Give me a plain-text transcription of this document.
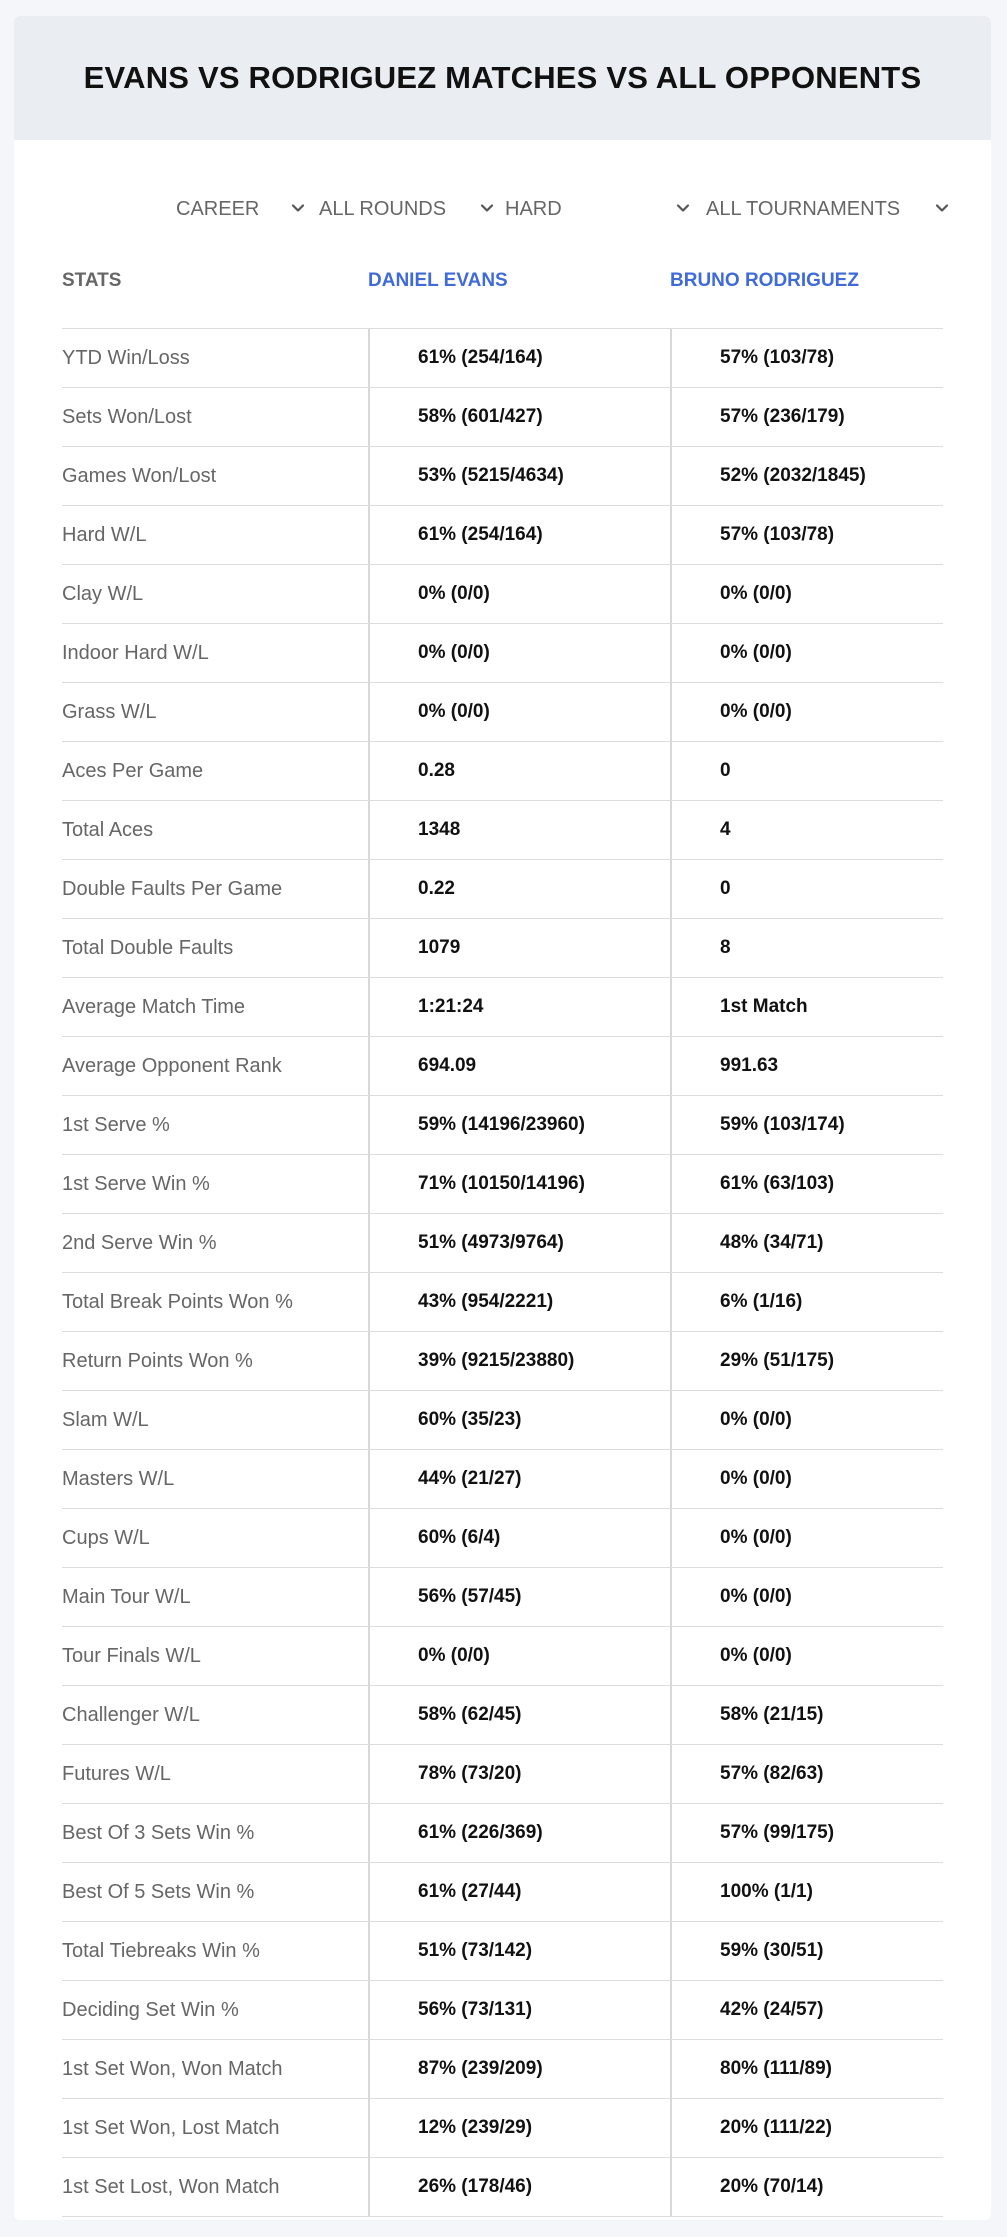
EVANS VS RODRIGUEZ MATCHES VS ALL OPPONENTS
CAREER	ALL ROUNDS	HARD	ALL TOURNAMENTS
STATS	DANIEL EVANS	BRUNO RODRIGUEZ
YTD Win/Loss	61% (254/164)	57% (103/78)
Sets Won/Lost	58% (601/427)	57% (236/179)
Games Won/Lost	53% (5215/4634)	52% (2032/1845)
Hard W/L	61% (254/164)	57% (103/78)
Clay W/L	0% (0/0)	0% (0/0)
Indoor Hard W/L	0% (0/0)	0% (0/0)
Grass W/L	0% (0/0)	0% (0/0)
Aces Per Game	0.28	0
Total Aces	1348	4
Double Faults Per Game	0.22	0
Total Double Faults	1079	8
Average Match Time	1:21:24	1st Match
Average Opponent Rank	694.09	991.63
1st Serve %	59% (14196/23960)	59% (103/174)
1st Serve Win %	71% (10150/14196)	61% (63/103)
2nd Serve Win %	51% (4973/9764)	48% (34/71)
Total Break Points Won %	43% (954/2221)	6% (1/16)
Return Points Won %	39% (9215/23880)	29% (51/175)
Slam W/L	60% (35/23)	0% (0/0)
Masters W/L	44% (21/27)	0% (0/0)
Cups W/L	60% (6/4)	0% (0/0)
Main Tour W/L	56% (57/45)	0% (0/0)
Tour Finals W/L	0% (0/0)	0% (0/0)
Challenger W/L	58% (62/45)	58% (21/15)
Futures W/L	78% (73/20)	57% (82/63)
Best Of 3 Sets Win %	61% (226/369)	57% (99/175)
Best Of 5 Sets Win %	61% (27/44)	100% (1/1)
Total Tiebreaks Win %	51% (73/142)	59% (30/51)
Deciding Set Win %	56% (73/131)	42% (24/57)
1st Set Won, Won Match	87% (239/209)	80% (111/89)
1st Set Won, Lost Match	12% (239/29)	20% (111/22)
1st Set Lost, Won Match	26% (178/46)	20% (70/14)
